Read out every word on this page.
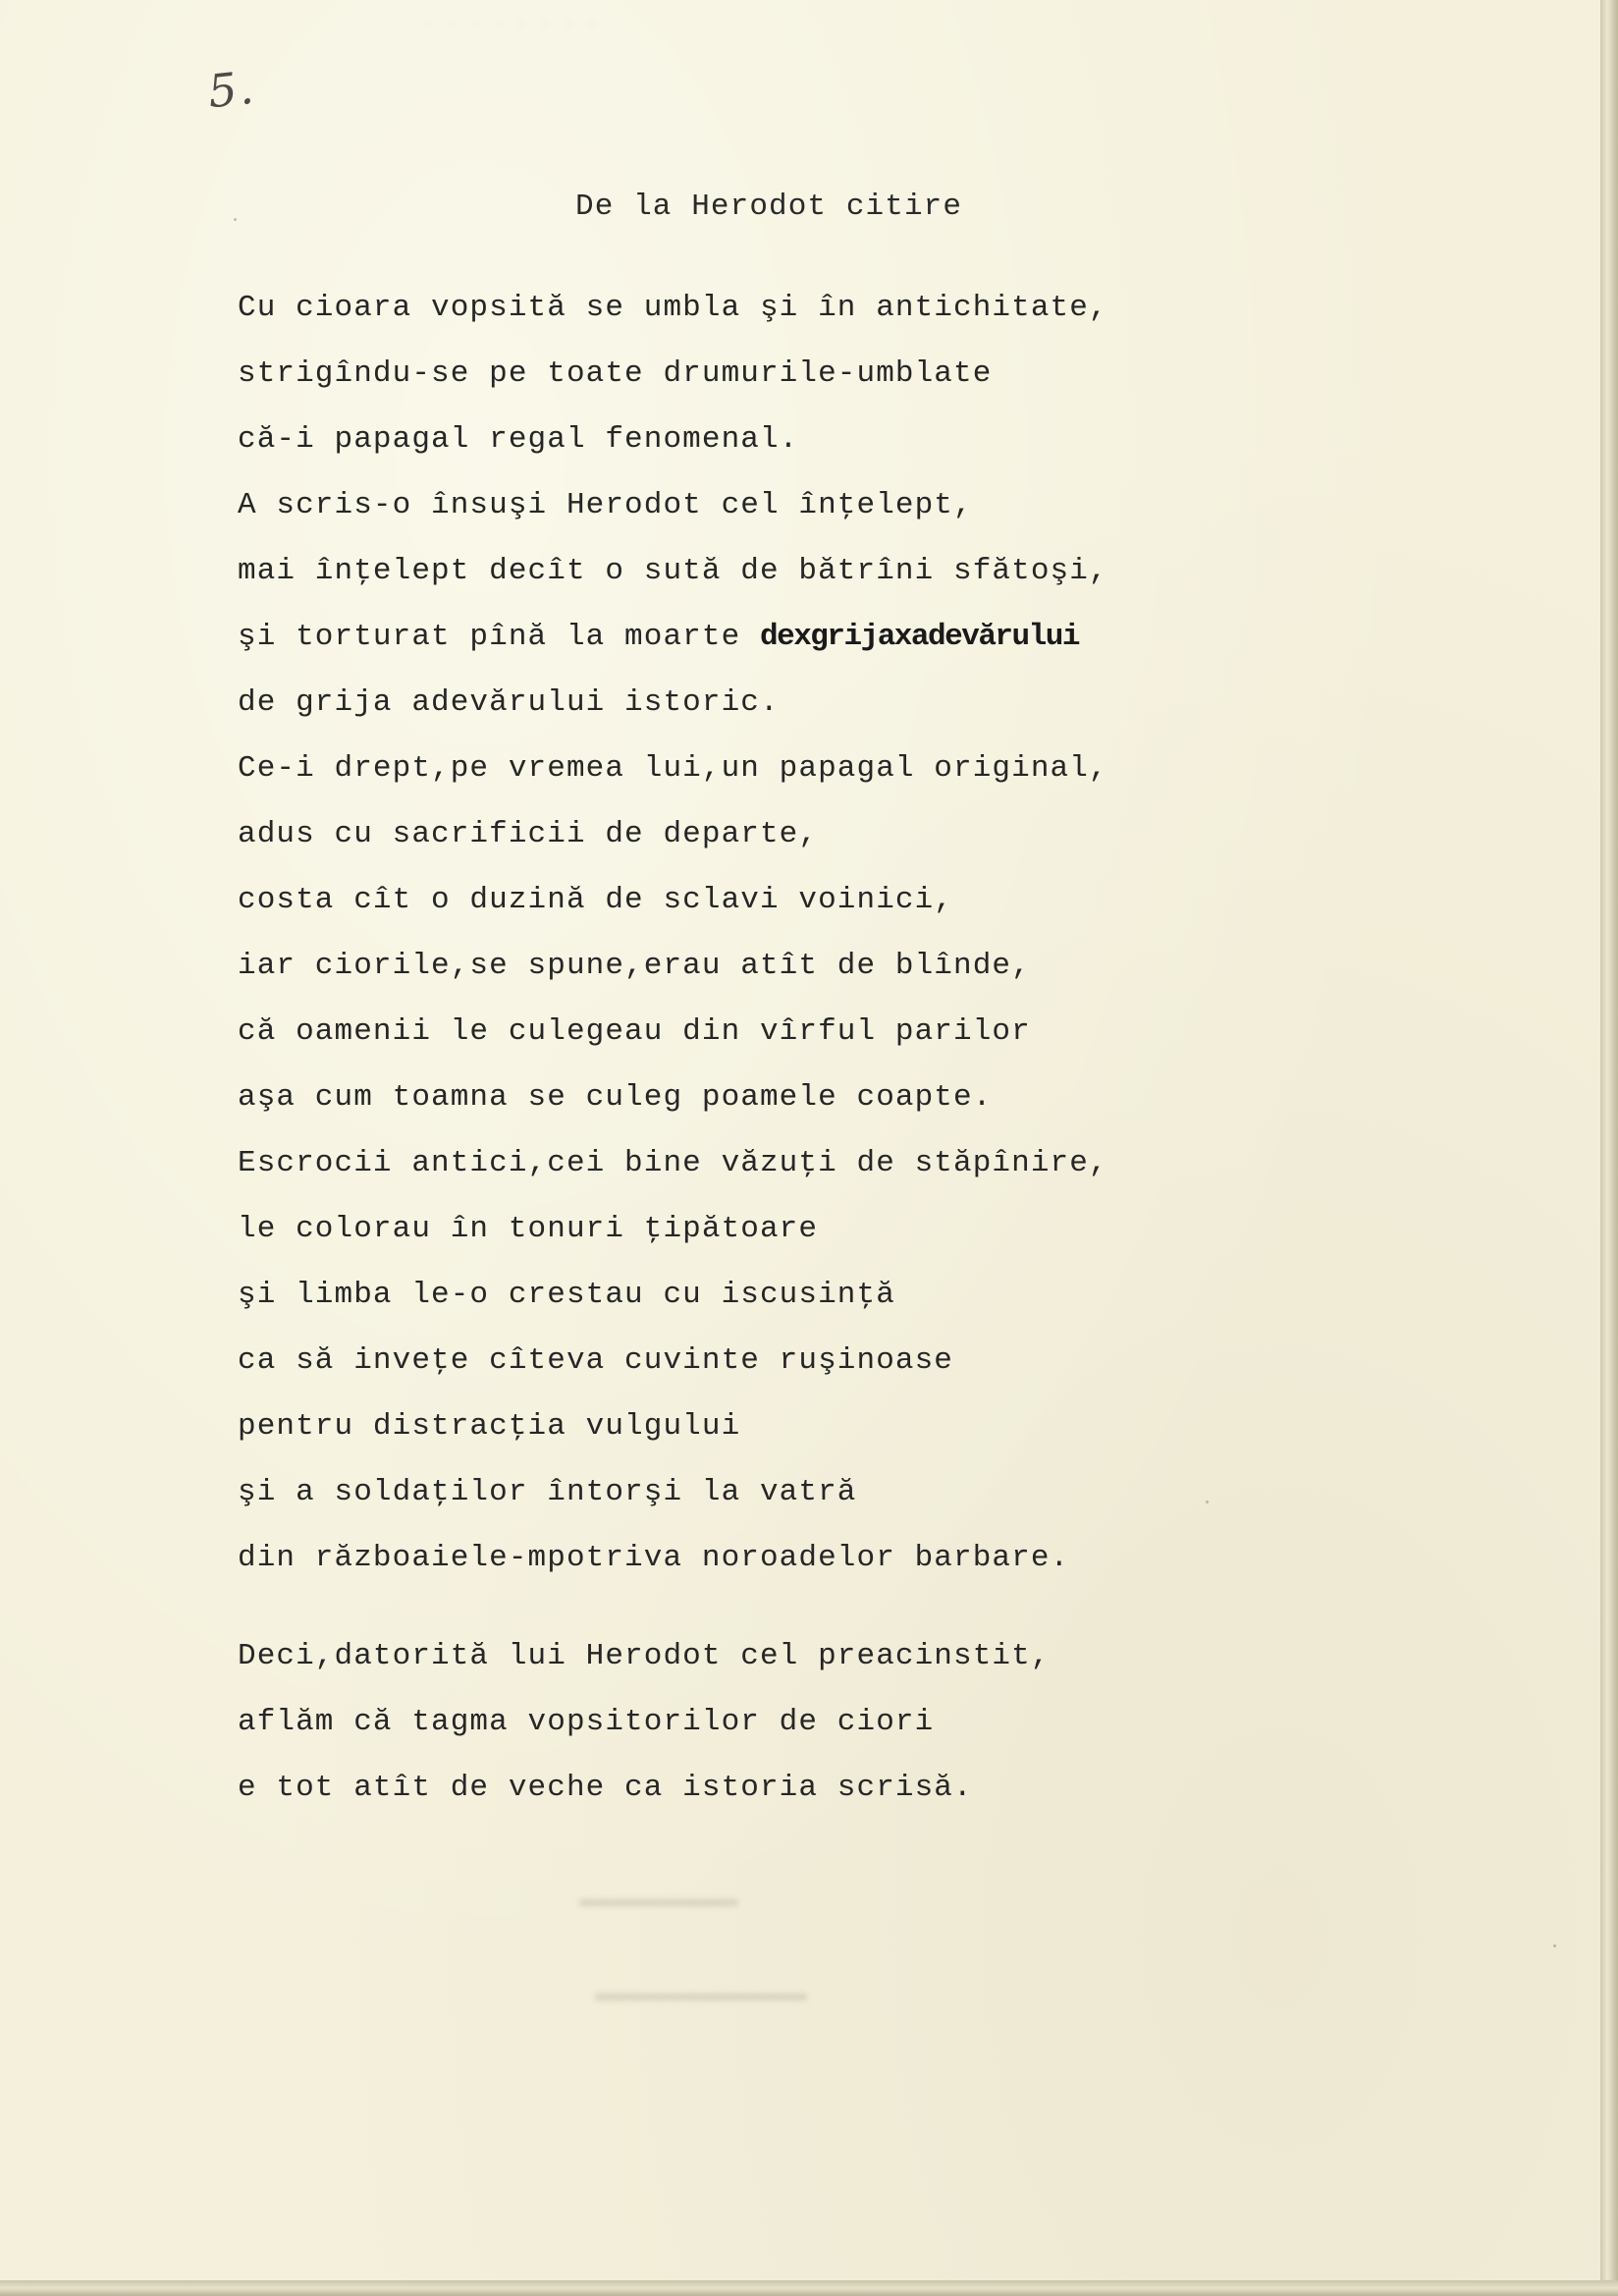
· · · · · · · ·
5.
De la Herodot citire
Cu cioara vopsită se umbla şi în antichitate,
strigîndu-se pe toate drumurile-umblate
că-i papagal regal fenomenal.
A scris-o însuşi Herodot cel înţelept,
mai înţelept decît o sută de bătrîni sfătoşi,
şi torturat pînă la moarte dexgrijaxadevărului
de grija adevărului istoric.
Ce-i drept,pe vremea lui,un papagal original,
adus cu sacrificii de departe,
costa cît o duzină de sclavi voinici,
iar ciorile,se spune,erau atît de blînde,
că oamenii le culegeau din vîrful parilor
aşa cum toamna se culeg poamele coapte.
Escrocii antici,cei bine văzuţi de stăpînire,
le colorau în tonuri ţipătoare
şi limba le-o crestau cu iscusinţă
ca să inveţe cîteva cuvinte ruşinoase
pentru distracţia vulgului
şi a soldaţilor întorşi la vatră
din războaiele-mpotriva noroadelor barbare.
Deci,datorită lui Herodot cel preacinstit,
aflăm că tagma vopsitorilor de ciori
e tot atît de veche ca istoria scrisă.
▬▬▬▬▬▬▬▬▬
▬▬▬▬▬▬▬▬▬▬▬▬
